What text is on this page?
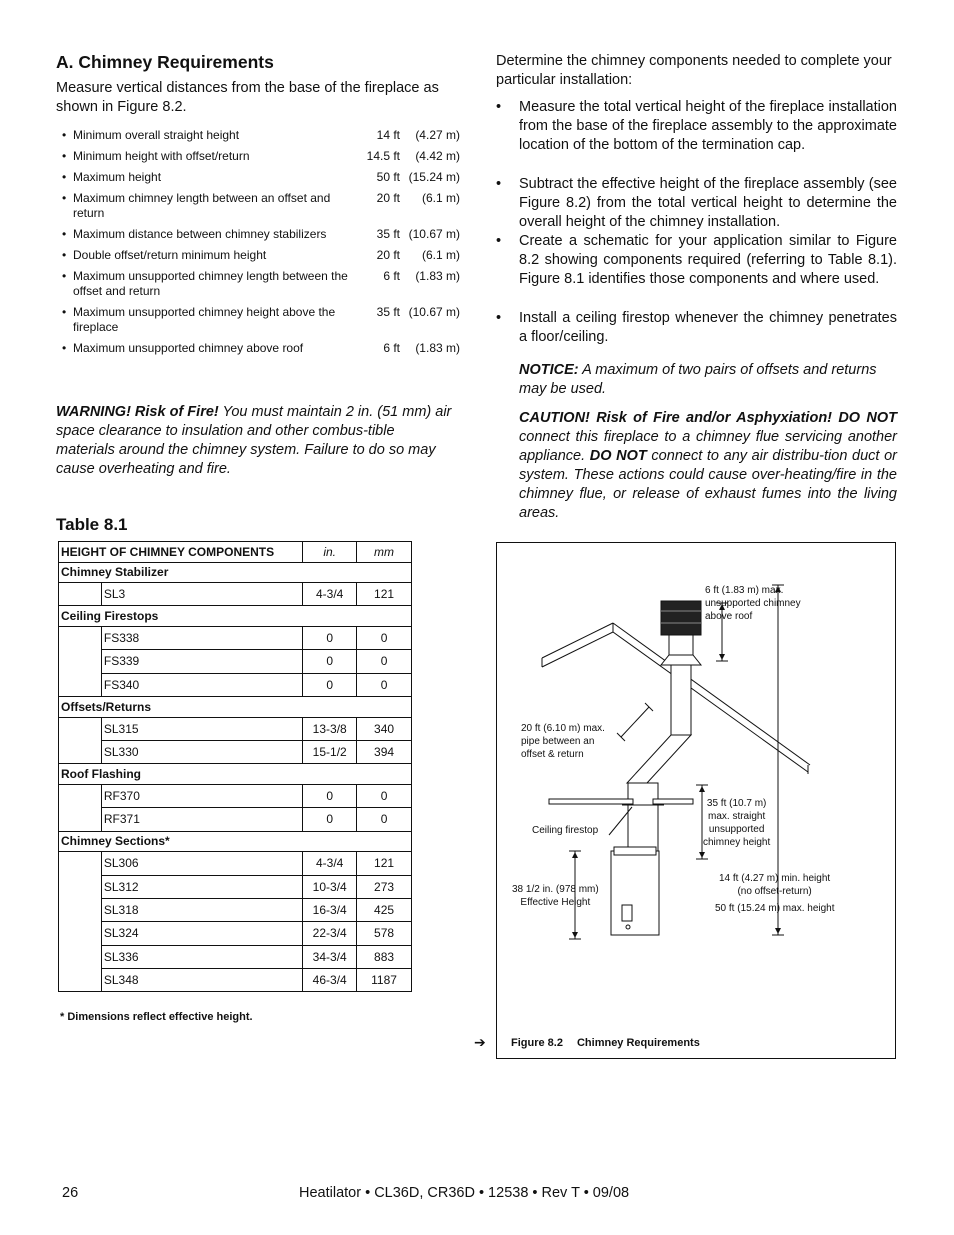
A. Chimney Requirements
Measure vertical distances from the base of the fireplace as shown in Figure 8.2.
• Minimum overall straight height	14 ft	(4.27 m)
• Minimum height with offset/return	14.5 ft	(4.42 m)
• Maximum height	50 ft (15.24 m)
• Maximum chimney length between an offset and return
20 ft	(6.1 m)
• Maximum distance between chimney stabilizers	35 ft (10.67 m)
• Double offset/return minimum height	20 ft	(6.1 m)
• Maximum unsupported chimney length between the offset and return
6 ft	(1.83 m)
• Maximum unsupported chimney height above the fireplace
35 ft (10.67 m)
• Maximum unsupported chimney above roof	6 ft	(1.83 m)
WARNING! Risk of Fire! You must maintain 2 in. (51 mm) air space clearance to insulation and other combus-tible materials around the chimney system. Failure to do so may cause overheating and fire.
Table 8.1
HEIGHT OF CHIMNEY COMPONENTS		in.	mm
Chimney Stabilizer			
	SL3	4-3/4	121
Ceiling Firestops			
	FS338	0	0
	FS339	0	0
	FS340	0	0
Offsets/Returns			
	SL315	13-3/8	340
	SL330	15-1/2	394
Roof Flashing			
	RF370	0	0
	RF371	0	0
Chimney Sections*			
	SL306	4-3/4	121
	SL312	10-3/4	273
	SL318	16-3/4	425
	SL324	22-3/4	578
	SL336	34-3/4	883
	SL348	46-3/4	1187
* Dimensions reflect effective height.
Determine the chimney components needed to complete your particular installation:
•	Measure the total vertical height of the fireplace installation from the base of the fireplace assembly to the approximate location of the bottom of the termination cap.
•	Subtract the effective height of the fireplace assembly (see Figure 8.2) from the total vertical height to determine the overall height of the chimney installation.
•	Create a schematic for your application similar to Figure 8.2 showing components required (referring to Table 8.1). Figure 8.1 identifies those components and where used.
•	Install a ceiling firestop whenever the chimney penetrates a floor/ceiling.
NOTICE: A maximum of two pairs of offsets and returns may be used.
CAUTION! Risk of Fire and/or Asphyxiation! DO NOT connect this fireplace to a chimney flue servicing another appliance. DO NOT connect to any air distribu-tion duct or system. These actions could cause over-heating/fire in the chimney flue, or release of exhaust fumes into the living areas.
6 ft (1.83 m) max.
unsupported chimney
above roof
20 ft (6.10 m) max.
pipe between an
offset & return
35 ft (10.7 m)
max. straight
unsupported
chimney height
Ceiling firestop
38 1/2 in. (978 mm)
Effective Height
14 ft (4.27 m) min. height
(no offset-return)
50 ft (15.24 m) max. height
Figure 8.2 Chimney Requirements
➔
26	Heatilator • CL36D, CR36D • 12538 • Rev T • 09/08
